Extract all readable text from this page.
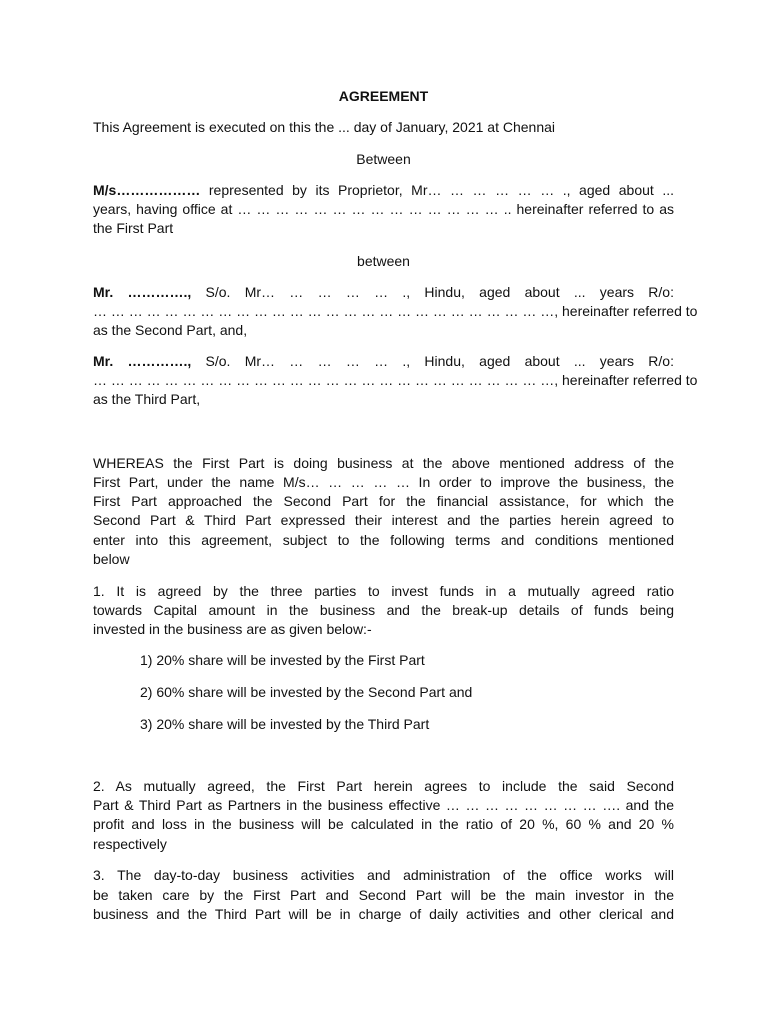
AGREEMENT
This Agreement is executed on this the ... day of January, 2021 at Chennai
Between
M/s……………… represented by its Proprietor, Mr… … … … … … ., aged about ...
years, having office at … … … … … … … … … … … … … … .. hereinafter referred to as
the First Part
between
Mr. …………., S/o. Mr… … … … … ., Hindu, aged about ... years R/o:
… … … … … … … … … … … … … … … … … … … … … … … … … …, hereinafter referred to
as the Second Part, and,
Mr. …………., S/o. Mr… … … … … ., Hindu, aged about ... years R/o:
… … … … … … … … … … … … … … … … … … … … … … … … … …, hereinafter referred to
as the Third Part,
WHEREAS the First Part is doing business at the above mentioned address of the
First Part, under the name M/s… … … … … In order to improve the business, the
First Part approached the Second Part for the financial assistance, for which the
Second Part & Third Part expressed their interest and the parties herein agreed to
enter into this agreement, subject to the following terms and conditions mentioned
below
1. It is agreed by the three parties to invest funds in a mutually agreed ratio
towards Capital amount in the business and the break-up details of funds being
invested in the business are as given below:-
1) 20% share will be invested by the First Part
2) 60% share will be invested by the Second Part and
3) 20% share will be invested by the Third Part
2. As mutually agreed, the First Part herein agrees to include the said Second
Part & Third Part as Partners in the business effective … … … … … … … … …. and the
profit and loss in the business will be calculated in the ratio of 20 %, 60 % and 20 %
respectively
3. The day-to-day business activities and administration of the office works will
be taken care by the First Part and Second Part will be the main investor in the
business and the Third Part will be in charge of daily activities and other clerical and
